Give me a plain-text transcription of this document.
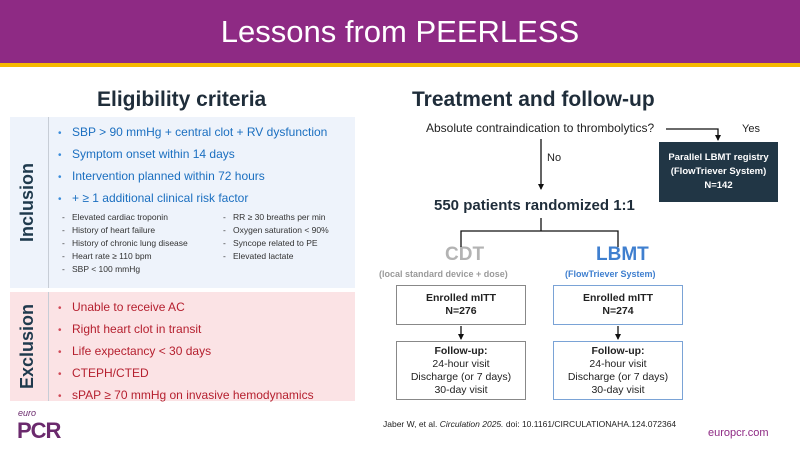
Lessons from PEERLESS
Eligibility criteria
Inclusion
• SBP > 90 mmHg + central clot + RV dysfunction
• Symptom onset within 14 days
• Intervention planned within 72 hours
• + ≥ 1 additional clinical risk factor
- Elevated cardiac troponin
- History of heart failure
- History of chronic lung disease
- Heart rate ≥ 110 bpm
- SBP < 100 mmHg
- RR ≥ 30 breaths per min
- Oxygen saturation < 90%
- Syncope related to PE
- Elevated lactate
Exclusion
•	Unable to receive AC
• Right heart clot in transit
• Life expectancy < 30 days
• CTEPH/CTED
• sPAP ≥ 70 mmHg on invasive hemodynamics
Treatment and follow-up
Absolute contraindication to thrombolytics?	Yes
No	Parallel LBMT registry
(FlowTriever System)
N=142
550 patients randomized 1:1
CDT
(local standard device + dose)
Enrolled mITT
N=276
Follow-up:
24-hour visit
Discharge (or 7 days)
30-day visit
LBMT
(FlowTriever System)
Enrolled mITT
N=274
Follow-up:
24-hour visit
Discharge (or 7 days)
30-day visit
Jaber W, et al. Circulation 2025. doi: 10.1161/CIRCULATIONAHA.124.072364
euro
PCR	europcr.com
